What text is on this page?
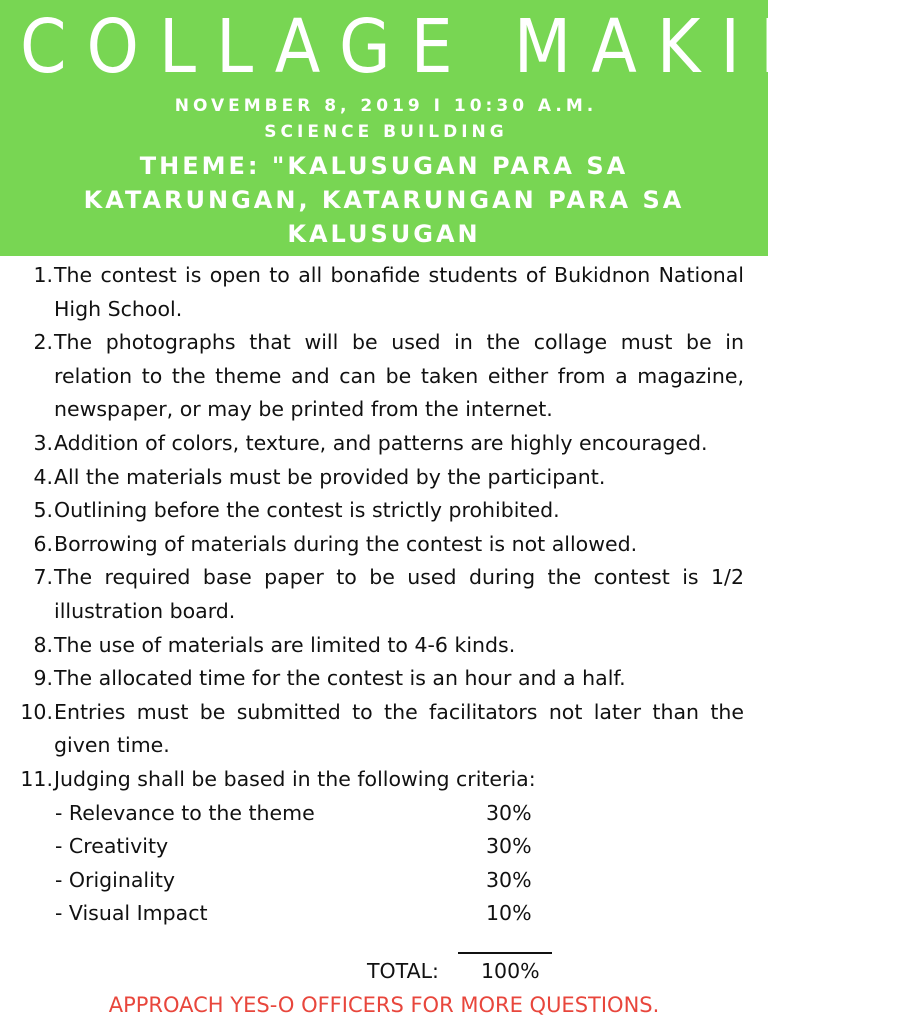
COLLAGE MAKING
NOVEMBER 8, 2019 I 10:30 A.M.
SCIENCE BUILDING
THEME: "KALUSUGAN PARA SA KATARUNGAN, KATARUNGAN PARA SA KALUSUGAN
1. The contest is open to all bonafide students of Bukidnon National High School.
2. The photographs that will be used in the collage must be in relation to the theme and can be taken either from a magazine, newspaper, or may be printed from the internet.
3. Addition of colors, texture, and patterns are highly encouraged.
4. All the materials must be provided by the participant.
5. Outlining before the contest is strictly prohibited.
6. Borrowing of materials during the contest is not allowed.
7. The required base paper to be used during the contest is 1/2 illustration board.
8. The use of materials are limited to 4-6 kinds.
9. The allocated time for the contest is an hour and a half.
10. Entries must be submitted to the facilitators not later than the given time.
11. Judging shall be based in the following criteria:
- Relevance to the theme	30%
- Creativity	30%
- Originality	30%
- Visual Impact	10%
TOTAL: 100%
APPROACH YES-O OFFICERS FOR MORE QUESTIONS.
